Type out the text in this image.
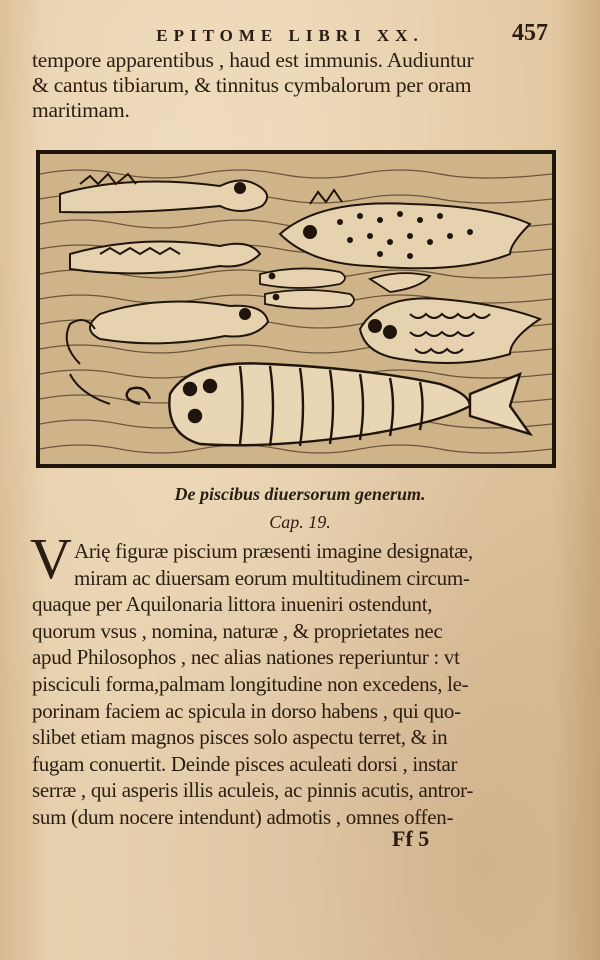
EPITOME LIBRI XX.	457
tempore apparentibus , haud est immunis. Audiuntur
& cantus tibiarum, & tinnitus cymbalorum per oram
maritimam.
De piscibus diuersorum generum.
Cap. 19.
V Arię figuræ piscium præsenti imagine designatæ,
miram ac diuersam eorum multitudinem circum-
quaque per Aquilonaria littora inueniri ostendunt,
quorum vsus , nomina, naturæ , & proprietates nec
apud Philosophos , nec alias nationes reperiuntur : vt
pisciculi forma,palmam longitudine non excedens, le-
porinam faciem ac spicula in dorso habens , qui quo-
slibet etiam magnos pisces solo aspectu terret, & in
fugam conuertit. Deinde pisces aculeati dorsi , instar
serræ , qui asperis illis aculeis, ac pinnis acutis, antror-
sum (dum nocere intendunt) admotis , omnes offen-
Ff 5
